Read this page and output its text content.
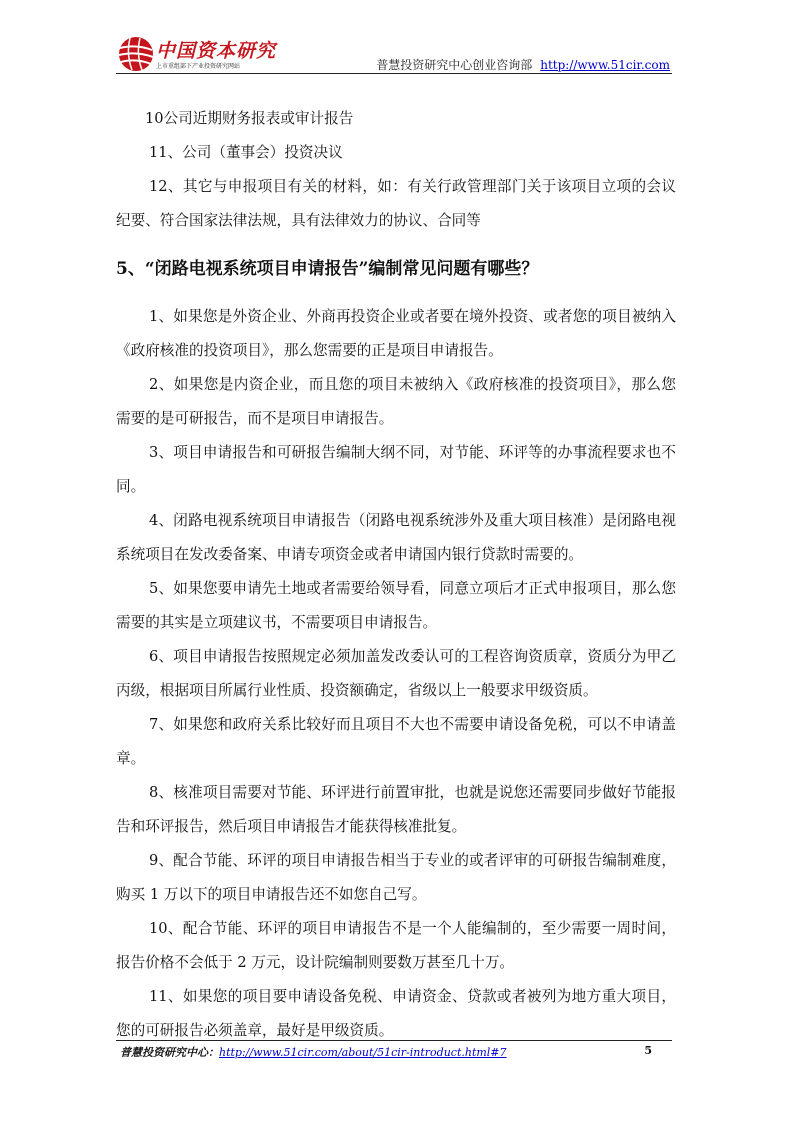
中国资本研究
上市重组部下产业投资研究网站	普慧投资研究中心创业咨询部 http://www.51cir.com

10公司近期财务报表或审计报告

11、公司（董事会）投资决议

12、其它与申报项目有关的材料，如：有关行政管理部门关于该项目立项的会议纪要、符合国家法律法规，具有法律效力的协议、合同等

5、“闭路电视系统项目申请报告”编制常见问题有哪些？

1、如果您是外资企业、外商再投资企业或者要在境外投资、或者您的项目被纳入《政府核准的投资项目》，那么您需要的正是项目申请报告。

2、如果您是内资企业，而且您的项目未被纳入《政府核准的投资项目》，那么您需要的是可研报告，而不是项目申请报告。

3、项目申请报告和可研报告编制大纲不同，对节能、环评等的办事流程要求也不同。

4、闭路电视系统项目申请报告（闭路电视系统涉外及重大项目核准）是闭路电视系统项目在发改委备案、申请专项资金或者申请国内银行贷款时需要的。

5、如果您要申请先土地或者需要给领导看，同意立项后才正式申报项目，那么您需要的其实是立项建议书，不需要项目申请报告。

6、项目申请报告按照规定必须加盖发改委认可的工程咨询资质章，资质分为甲乙丙级，根据项目所属行业性质、投资额确定，省级以上一般要求甲级资质。

7、如果您和政府关系比较好而且项目不大也不需要申请设备免税，可以不申请盖章。

8、核准项目需要对节能、环评进行前置审批，也就是说您还需要同步做好节能报告和环评报告，然后项目申请报告才能获得核准批复。

9、配合节能、环评的项目申请报告相当于专业的或者评审的可研报告编制难度，购买 1 万以下的项目申请报告还不如您自己写。

10、配合节能、环评的项目申请报告不是一个人能编制的，至少需要一周时间，报告价格不会低于 2 万元，设计院编制则要数万甚至几十万。

11、如果您的项目要申请设备免税、申请资金、贷款或者被列为地方重大项目，您的可研报告必须盖章，最好是甲级资质。

普慧投资研究中心：http://www.51cir.com/about/51cir-introduct.html#7	5
